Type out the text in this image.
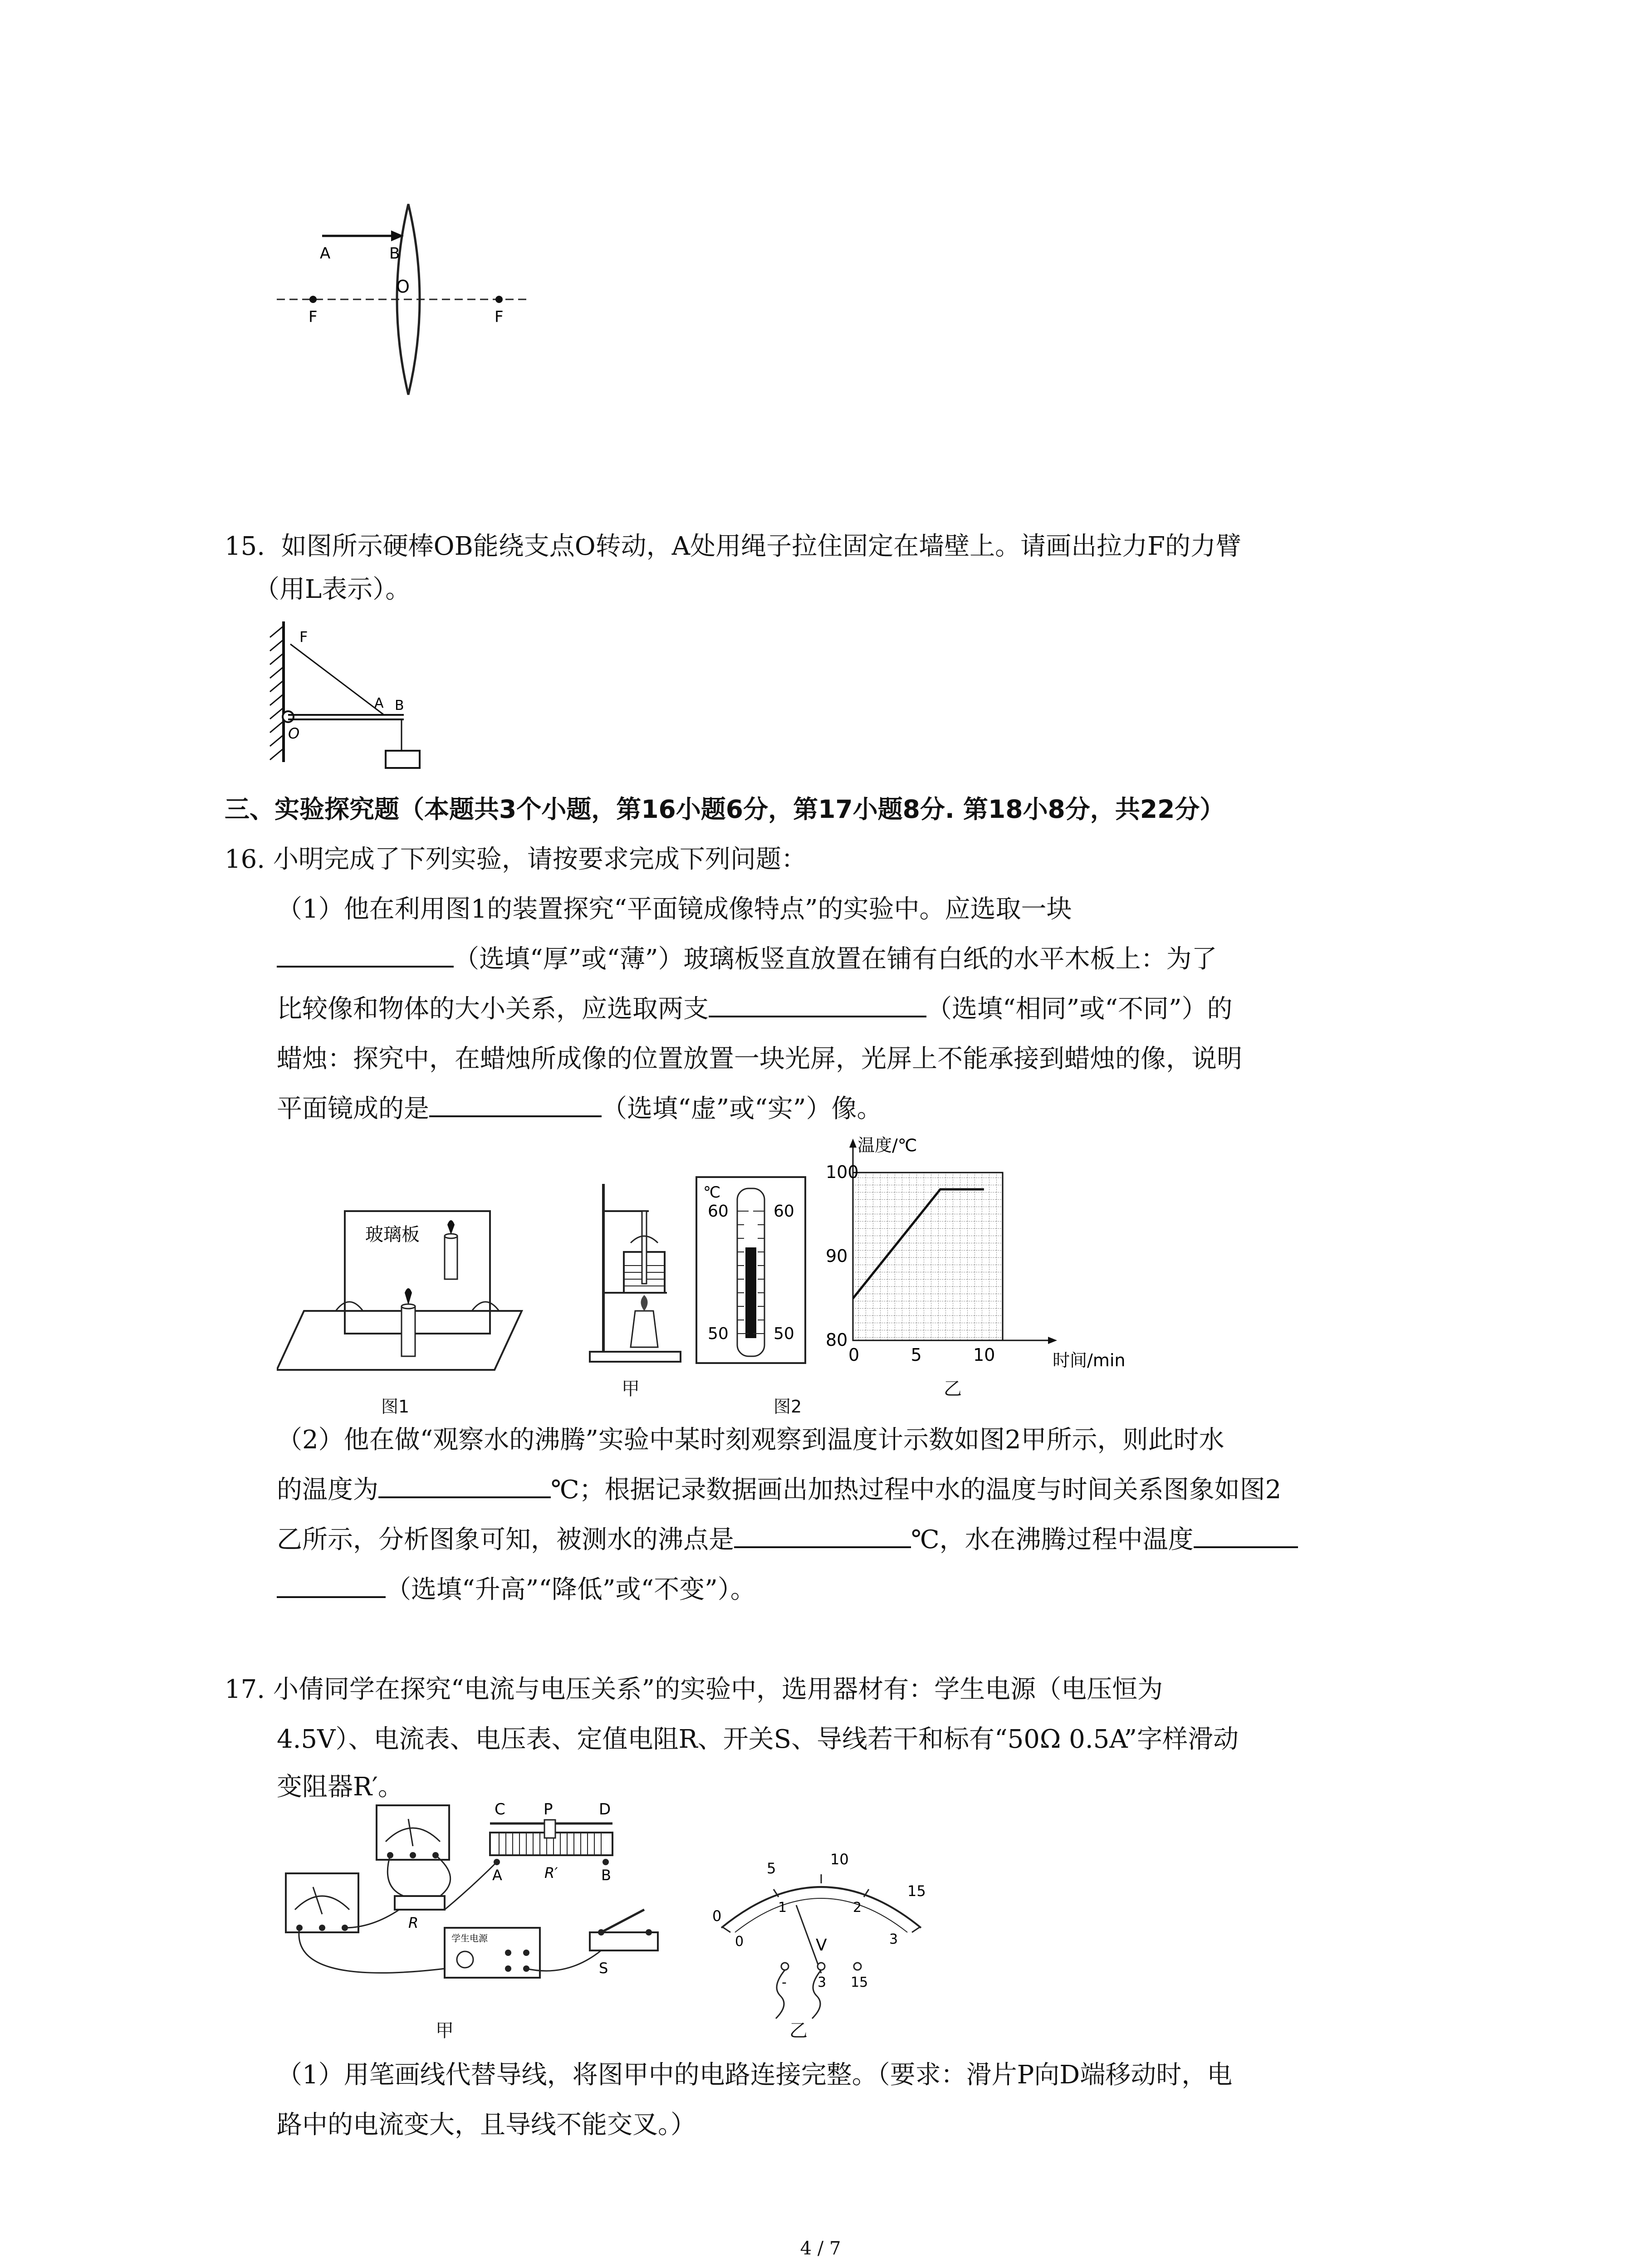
A	B
O
F	F
15. 如图所示硬棒OB能绕支点O转动，A处用绳子拉住固定在墙壁上。请画出拉力F的力臂
（用L表示）。
F
A B
O
三、实验探究题（本题共3个小题，第16小题6分，第17小题8分. 第18小8分，共22分）
16. 小明完成了下列实验，请按要求完成下列问题：
（1）他在利用图1的装置探究“平面镜成像特点”的实验中。应选取一块
（选填“厚”或“薄”）玻璃板竖直放置在铺有白纸的水平木板上：为了
比较像和物体的大小关系，应选取两支	（选填“相同”或“不同”）的
蜡烛：探究中，在蜡烛所成像的位置放置一块光屏，光屏上不能承接到蜡烛的像，说明
平面镜成的是	（选填“虚”或“实”）像。
玻璃板
图1
甲
℃
60	60
50	50
图2
温度/℃
时间/min
0	5	10
80
90
100
乙
（2）他在做“观察水的沸腾”实验中某时刻观察到温度计示数如图2甲所示，则此时水
的温度为	℃；根据记录数据画出加热过程中水的温度与时间关系图象如图2
乙所示，分析图象可知，被测水的沸点是	℃，水在沸腾过程中温度
（选填“升高”“降低”或“不变”）。
17. 小倩同学在探究“电流与电压关系”的实验中，选用器材有：学生电源（电压恒为
4.5V）、电流表、电压表、定值电阻R、开关S、导线若干和标有“50Ω 0.5A”字样滑动
变阻器R′。
学生电源
C P	D
A	R′	B
R
S
甲
0
5
10
15
0
1	2
3
V
- 3 15
乙
（1）用笔画线代替导线，将图甲中的电路连接完整。（要求：滑片P向D端移动时，电
路中的电流变大，且导线不能交叉。）
4 / 7
